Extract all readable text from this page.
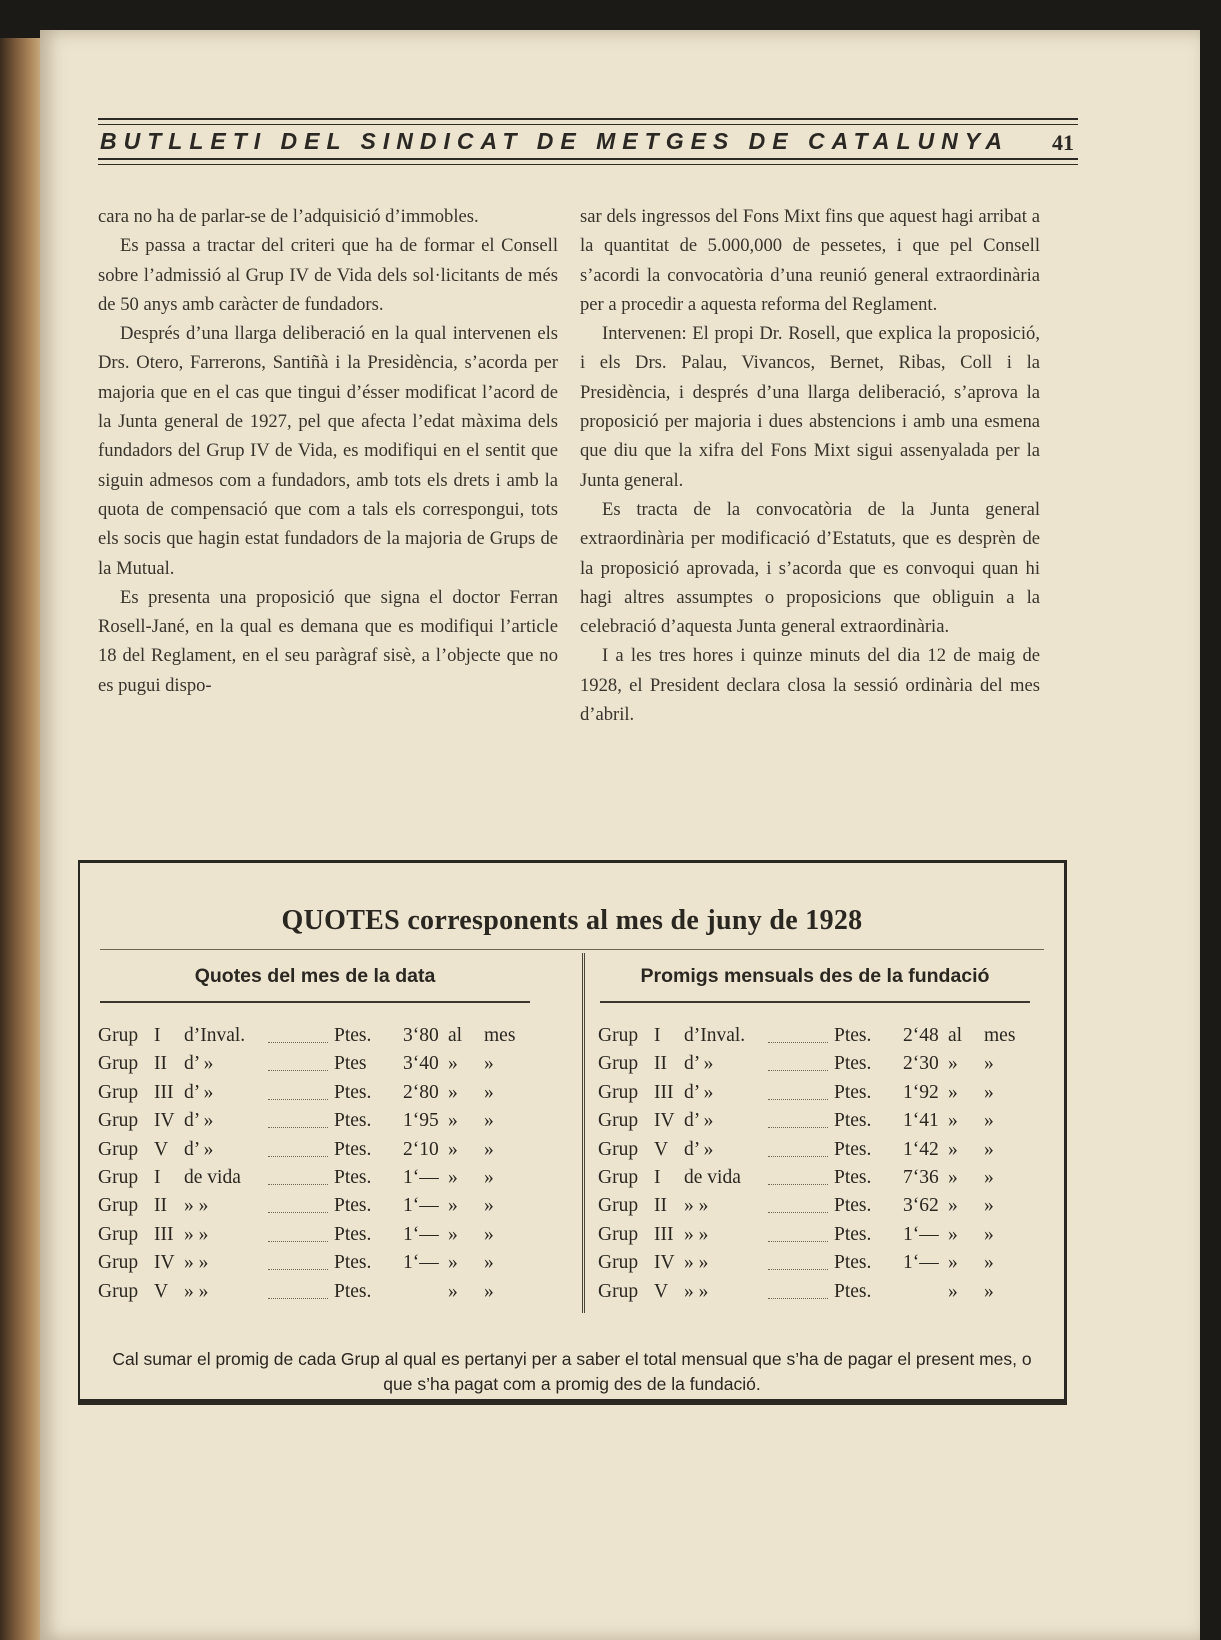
BUTLLETI DEL SINDICAT DE METGES DE CATALUNYA	41

cara no ha de parlar-se de l’adquisició d’immobles.

Es passa a tractar del criteri que ha de formar el Consell sobre l’admissió al Grup IV de Vida dels sol·licitants de més de 50 anys amb caràcter de fundadors.

Després d’una llarga deliberació en la qual intervenen els Drs. Otero, Farrerons, Santiñà i la Presidència, s’acorda per majoria que en el cas que tingui d’ésser modificat l’acord de la Junta general de 1927, pel que afecta l’edat màxima dels fundadors del Grup IV de Vida, es modifiqui en el sentit que siguin admesos com a fundadors, amb tots els drets i amb la quota de compensació que com a tals els correspongui, tots els socis que hagin estat fundadors de la majoria de Grups de la Mutual.

Es presenta una proposició que signa el doctor Ferran Rosell-Jané, en la qual es demana que es modifiqui l’article 18 del Reglament, en el seu paràgraf sisè, a l’objecte que no es pugui dispo-

sar dels ingressos del Fons Mixt fins que aquest hagi arribat a la quantitat de 5.000,000 de pessetes, i que pel Consell s’acordi la convocatòria d’una reunió general extraordinària per a procedir a aquesta reforma del Reglament.

Intervenen: El propi Dr. Rosell, que explica la proposició, i els Drs. Palau, Vivancos, Bernet, Ribas, Coll i la Presidència, i després d’una llarga deliberació, s’aprova la proposició per majoria i dues abstencions i amb una esmena que diu que la xifra del Fons Mixt sigui assenyalada per la Junta general.

Es tracta de la convocatòria de la Junta general extraordinària per modificació d’Estatuts, que es desprèn de la proposició aprovada, i s’acorda que es convoqui quan hi hagi altres assumptes o proposicions que obliguin a la celebració d’aquesta Junta general extraordinària.

I a les tres hores i quinze minuts del dia 12 de maig de 1928, el President declara closa la sessió ordinària del mes d’abril.

QUOTES corresponents al mes de juny de 1928
Quotes del mes de la data	Promigs mensuals des de la fundació
Grup I	d’Inval.	Ptes. 3‘80 al mes
Grup II d’ »	Ptes 3‘40 » »
Grup III d’ »	Ptes. 2‘80 » »
Grup IV d’ »	Ptes. 1‘95 » »
Grup V d’ »	Ptes. 2‘10 » »
Grup I	de vida	Ptes. 1‘— » »
Grup II » »	Ptes. 1‘— » »
Grup III » »	Ptes. 1‘— » »
Grup IV » »	Ptes. 1‘— » »
Grup V » »	Ptes.	» »
Grup I	d’Inval.	Ptes. 2‘48 al mes
Grup II d’ »	Ptes. 2‘30 » »
Grup III d’ »	Ptes. 1‘92 » »
Grup IV d’ »	Ptes. 1‘41 » »
Grup V d’ »	Ptes. 1‘42 » »
Grup I	de vida	Ptes. 7‘36 » »
Grup II » »	Ptes. 3‘62 » »
Grup III » »	Ptes. 1‘— » »
Grup IV » »	Ptes. 1‘— » »
Grup V » »	Ptes.	» »
Cal sumar el promig de cada Grup al qual es pertanyi per a saber el total mensual que s’ha de pagar el present mes, o que s’ha pagat com a promig des de la fundació.
